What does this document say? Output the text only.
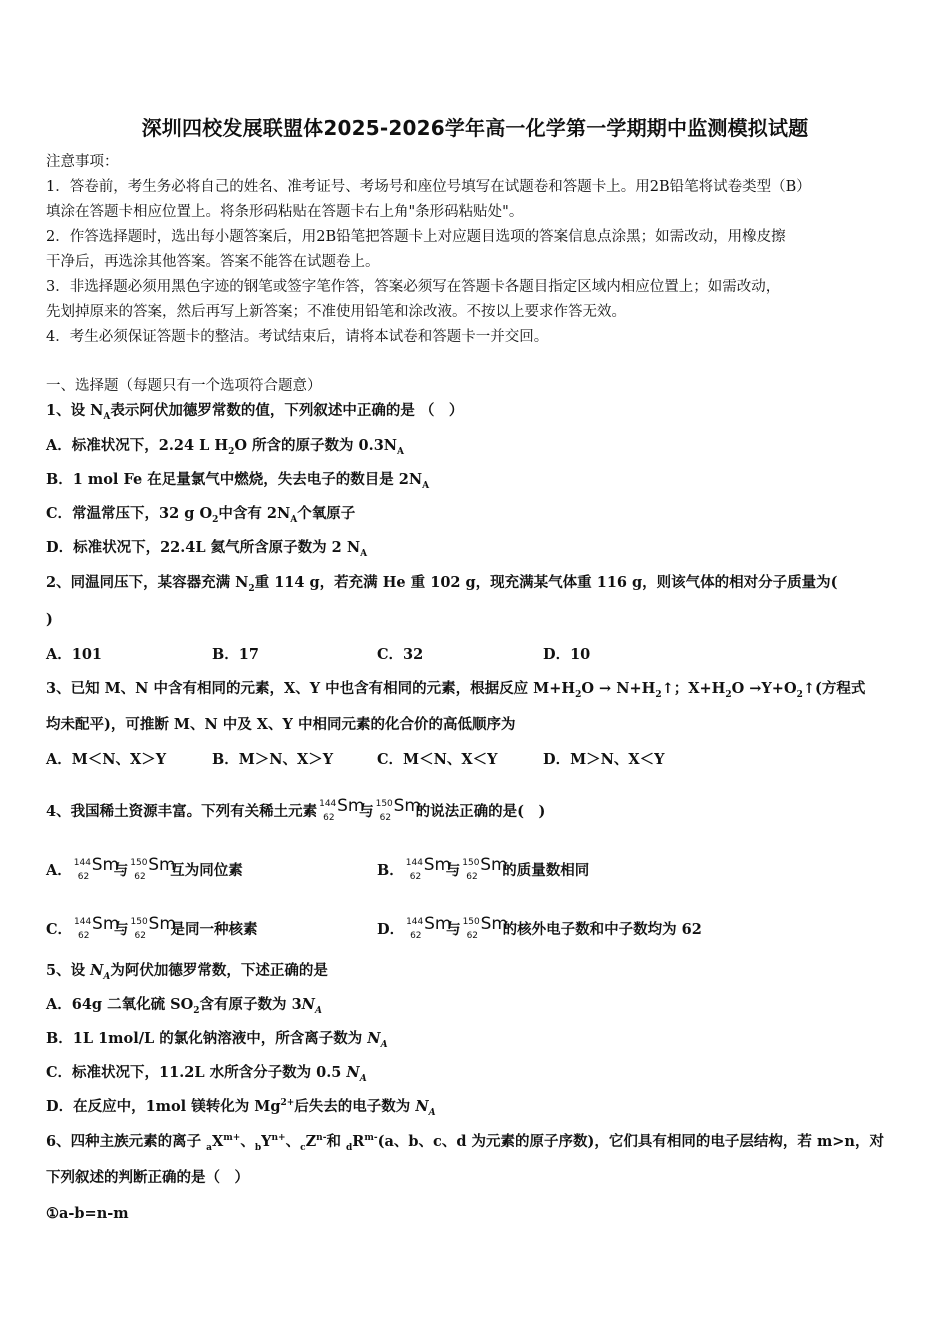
深圳四校发展联盟体2025-2026学年高一化学第一学期期中监测模拟试题
注意事项：
1．答卷前，考生务必将自己的姓名、准考证号、考场号和座位号填写在试题卷和答题卡上。用2B铅笔将试卷类型（B）
填涂在答题卡相应位置上。将条形码粘贴在答题卡右上角"条形码粘贴处"。
2．作答选择题时，选出每小题答案后，用2B铅笔把答题卡上对应题目选项的答案信息点涂黑；如需改动，用橡皮擦
干净后，再选涂其他答案。答案不能答在试题卷上。
3．非选择题必须用黑色字迹的钢笔或签字笔作答，答案必须写在答题卡各题目指定区域内相应位置上；如需改动，
先划掉原来的答案，然后再写上新答案；不准使用铅笔和涂改液。不按以上要求作答无效。
4．考生必须保证答题卡的整洁。考试结束后，请将本试卷和答题卡一并交回。
一、选择题（每题只有一个选项符合题意）
1、设 $N_A$表示阿伏加德罗常数的值，下列叙述中正确的是 （　）
A．标准状况下，2.24 L $H_2O$ 所含的原子数为 $0.3N_A$
B．1 mol Fe 在足量氯气中燃烧，失去电子的数目是 $2N_A$
C．常温常压下，32 g $O_2$中含有 $2N_A$个氧原子
D．标准状况下，22.4L 氦气所含原子数为 2 $N_A$
2、同温同压下，某容器充满 $N_2$重 114 g，若充满 He 重 102 g，现充满某气体重 116 g，则该气体的相对分子质量为(
)
A．101	B．17	C．32	D．10
3、已知 M、N 中含有相同的元素，X、Y 中也含有相同的元素，根据反应 $M+H_2O$ → $N+H_2↑$；$X+H_2O$ $\to Y+O_2↑$(方程式
均未配平)，可推断 M、N 中及 X、Y 中相同元素的化合价的高低顺序为
A．M＜N、X＞Y	B．M＞N、X＞Y	C．M＜N、X＜Y	D．M＞N、X＜Y
4、我国稀土资源丰富。下列有关稀土元素 144
62
Sm
与 150
62
Sm
的说法正确的是(　)
A． 144
62
Sm
与 150
62
Sm
互为同位素	B． 144
62
Sm
与 150
62
Sm
的质量数相同
C． 144
62
Sm
与 150
62
Sm
是同一种核素	D． 144
62
Sm
与 150
62
Sm
的核外电子数和中子数均为 62
5、设 $N_A$为阿伏加德罗常数，下述正确的是
A．64g 二氧化硫 $SO_2$含有原子数为 $3N_A$
B．1L 1mol/L 的氯化钠溶液中，所含离子数为 $N_A$
C．标准状况下，11.2L 水所含分子数为 0.5 $N_A$
D．在反应中，1mol 镁转化为 $Mg^{2+}$后失去的电子数为 $N_A$
6、四种主族元素的离子 $_aX^{m+}$、$_bY^{n+}$、$_cZ^{n-}$和 $_dR^{m-}(a$、b、c、d 为元素的原子序数)，它们具有相同的电子层结构，若 m>n，对
下列叙述的判断正确的是（　）
①a-b=n-m
